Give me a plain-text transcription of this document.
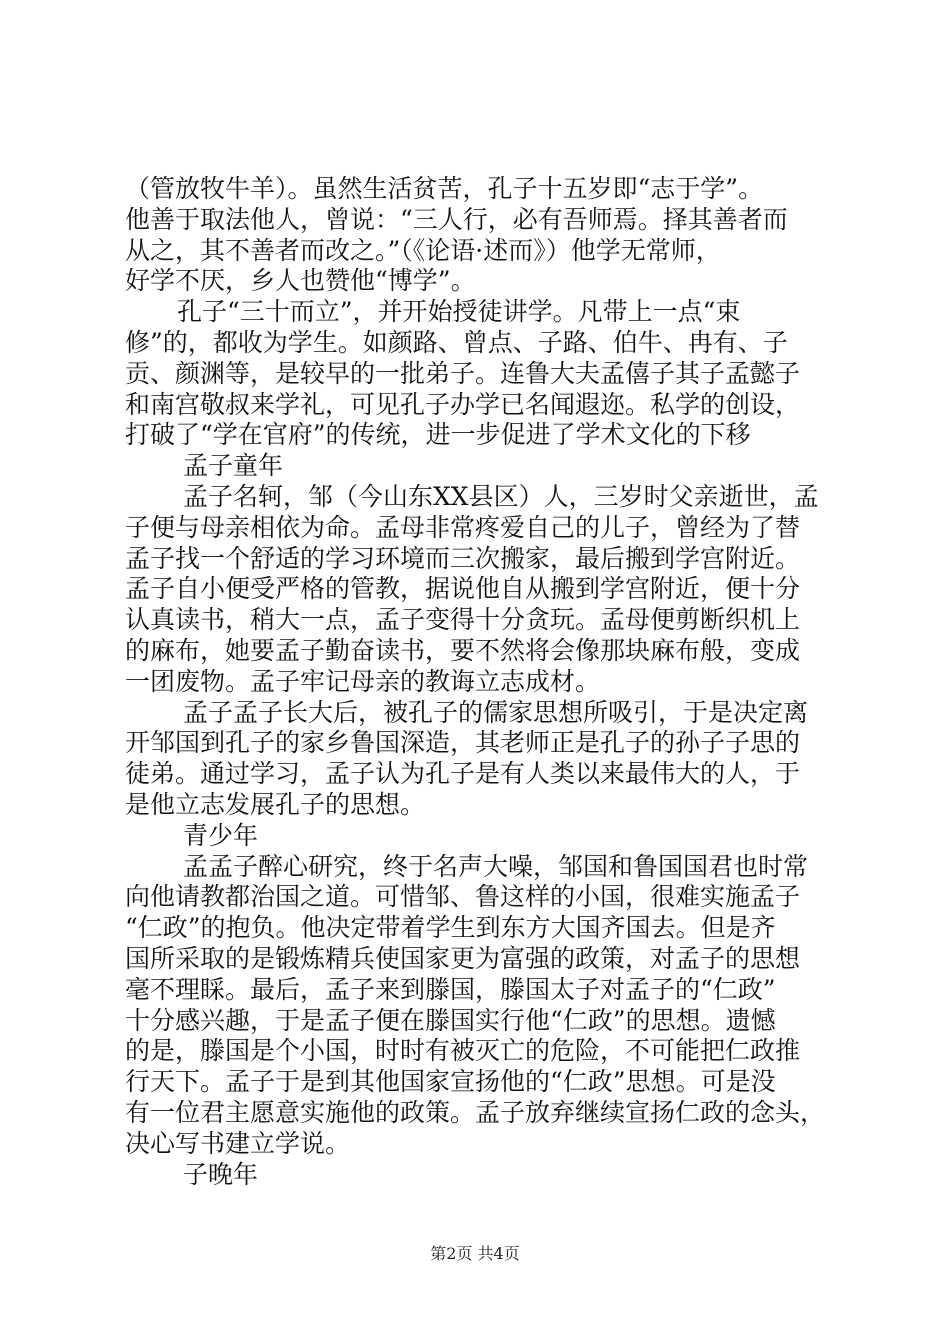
（管放牧牛羊）。虽然生活贫苦，孔子十五岁即“志于学”。
他善于取法他人，曾说：“三人行，必有吾师焉。择其善者而
从之，其不善者而改之。”（《论语·述而》）他学无常师，
好学不厌，乡人也赞他“博学”。
孔子“三十而立”，并开始授徒讲学。凡带上一点“束
修”的，都收为学生。如颜路、曾点、子路、伯牛、冉有、子
贡、颜渊等，是较早的一批弟子。连鲁大夫孟僖子其子孟懿子
和南宫敬叔来学礼，可见孔子办学已名闻遐迩。私学的创设，
打破了“学在官府”的传统，进一步促进了学术文化的下移
孟子童年
孟子名轲，邹（今山东XX县区）人，三岁时父亲逝世，孟
子便与母亲相依为命。孟母非常疼爱自己的儿子，曾经为了替
孟子找一个舒适的学习环境而三次搬家，最后搬到学宫附近。
孟子自小便受严格的管教，据说他自从搬到学宫附近，便十分
认真读书，稍大一点，孟子变得十分贪玩。孟母便剪断织机上
的麻布，她要孟子勤奋读书，要不然将会像那块麻布般，变成
一团废物。孟子牢记母亲的教诲立志成材。
孟子孟子长大后，被孔子的儒家思想所吸引，于是决定离
开邹国到孔子的家乡鲁国深造，其老师正是孔子的孙子子思的
徒弟。通过学习，孟子认为孔子是有人类以来最伟大的人，于
是他立志发展孔子的思想。
青少年
孟孟子醉心研究，终于名声大噪，邹国和鲁国国君也时常
向他请教都治国之道。可惜邹、鲁这样的小国，很难实施孟子
“仁政”的抱负。他决定带着学生到东方大国齐国去。但是齐
国所采取的是锻炼精兵使国家更为富强的政策，对孟子的思想
毫不理睬。最后，孟子来到滕国，滕国太子对孟子的“仁政”
十分感兴趣，于是孟子便在滕国实行他“仁政”的思想。遗憾
的是，滕国是个小国，时时有被灭亡的危险，不可能把仁政推
行天下。孟子于是到其他国家宣扬他的“仁政”思想。可是没
有一位君主愿意实施他的政策。孟子放弃继续宣扬仁政的念头，
决心写书建立学说。
子晚年
第2页 共4页
